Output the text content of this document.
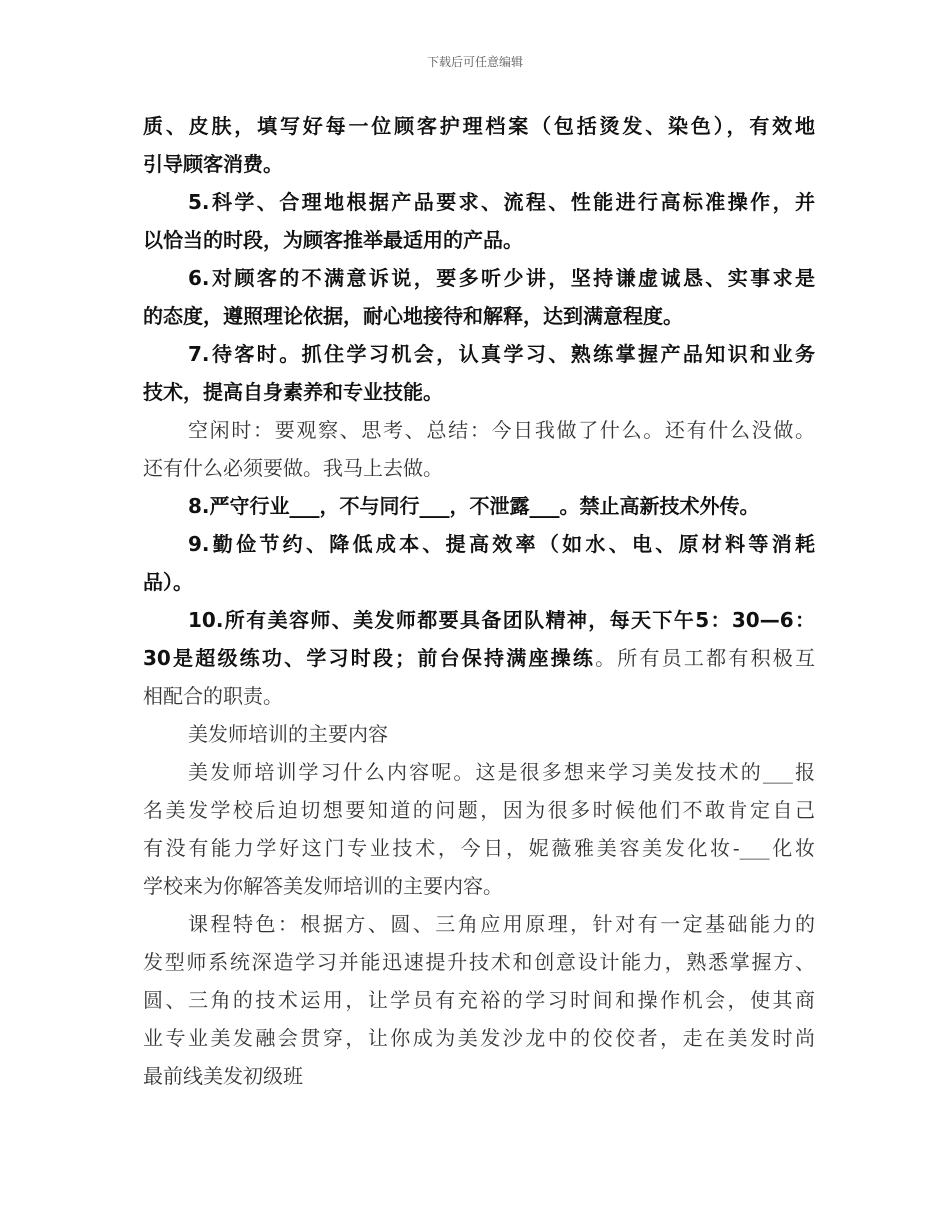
下载后可任意编辑
质、皮肤，填写好每一位顾客护理档案（包括烫发、染色），有效地
引导顾客消费。
5.科学、合理地根据产品要求、流程、性能进行高标准操作，并
以恰当的时段，为顾客推举最适用的产品。
6.对顾客的不满意诉说，要多听少讲，坚持谦虚诚恳、实事求是
的态度，遵照理论依据，耐心地接待和解释，达到满意程度。
7.待客时。抓住学习机会，认真学习、熟练掌握产品知识和业务
技术，提高自身素养和专业技能。
空闲时：要观察、思考、总结：今日我做了什么。还有什么没做。
还有什么必须要做。我马上去做。
8.严守行业___，不与同行___，不泄露___。禁止高新技术外传。
9.勤俭节约、降低成本、提高效率（如水、电、原材料等消耗
品）。
10.所有美容师、美发师都要具备团队精神，每天下午5：30—6：
30是超级练功、学习时段；前台保持满座操练。所有员工都有积极互
相配合的职责。
美发师培训的主要内容
美发师培训学习什么内容呢。这是很多想来学习美发技术的___报
名美发学校后迫切想要知道的问题，因为很多时候他们不敢肯定自己
有没有能力学好这门专业技术，今日，妮薇雅美容美发化妆-___化妆
学校来为你解答美发师培训的主要内容。
课程特色：根据方、圆、三角应用原理，针对有一定基础能力的
发型师系统深造学习并能迅速提升技术和创意设计能力，熟悉掌握方、
圆、三角的技术运用，让学员有充裕的学习时间和操作机会，使其商
业专业美发融会贯穿，让你成为美发沙龙中的佼佼者，走在美发时尚
最前线美发初级班
